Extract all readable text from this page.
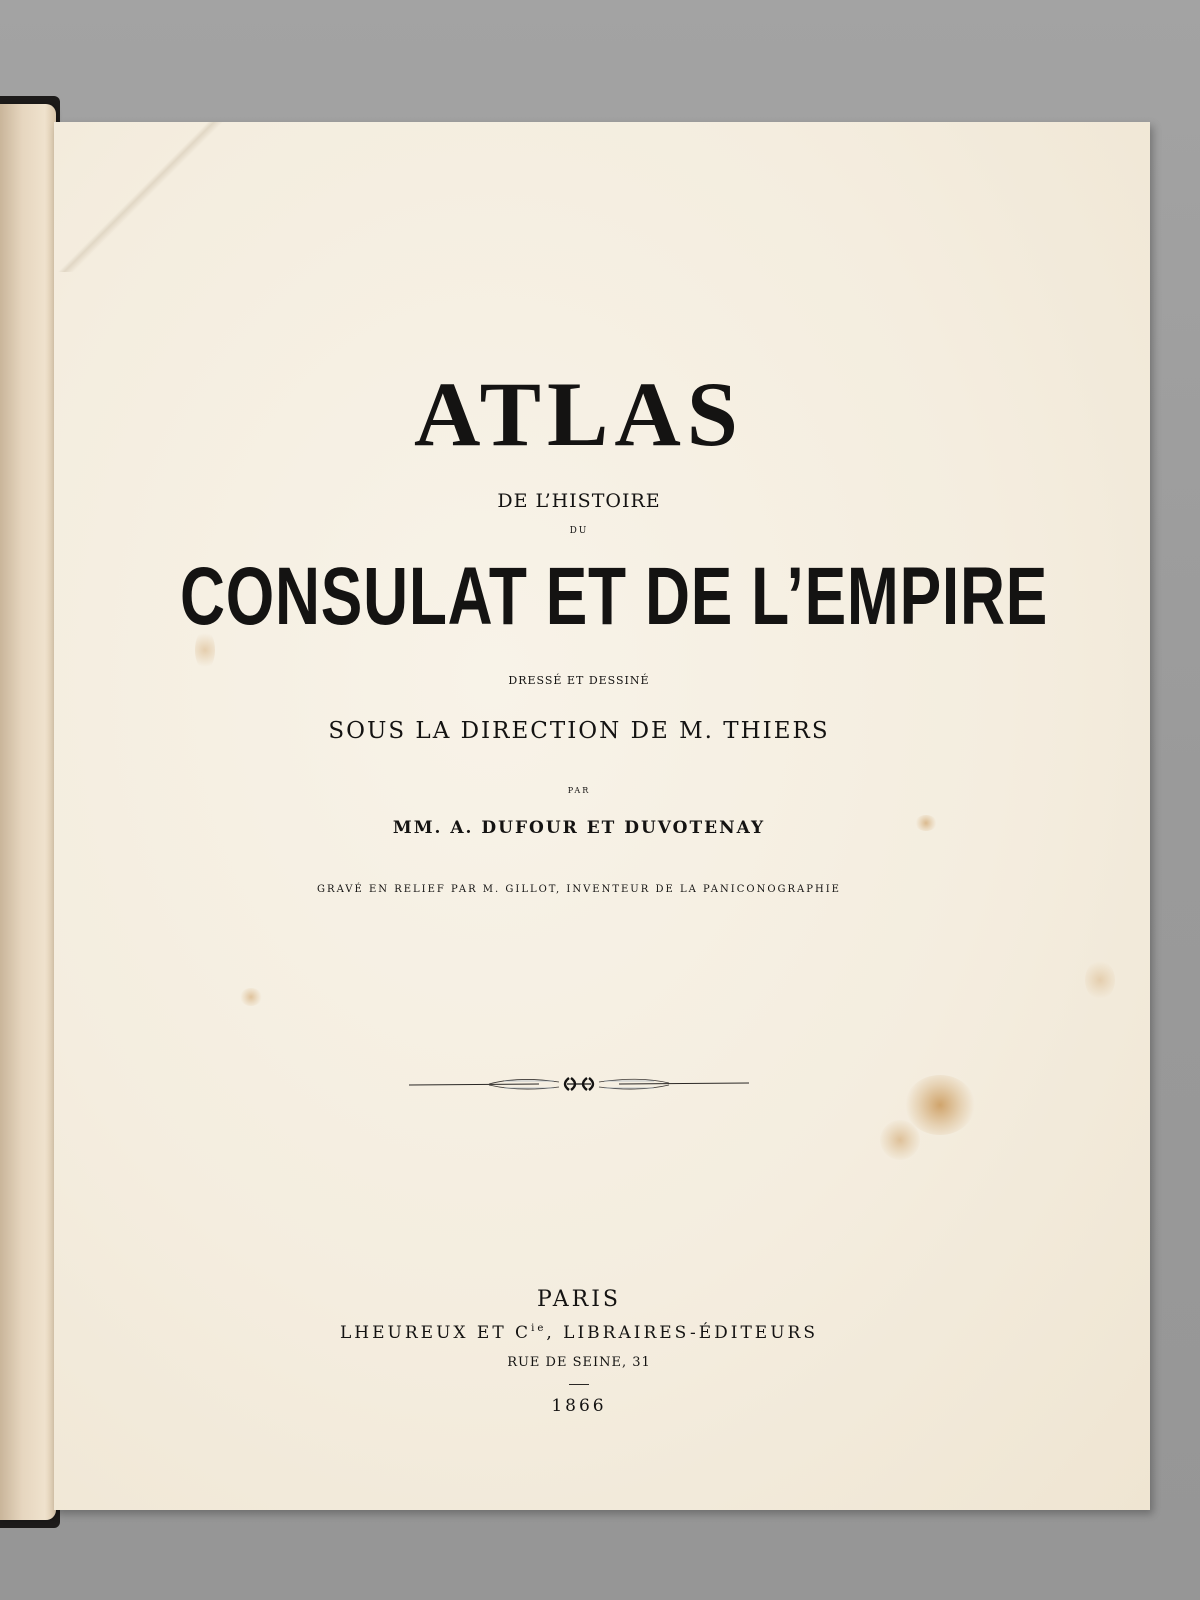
ATLAS
DE L’HISTOIRE
DU
CONSULAT ET DE L’EMPIRE
DRESSÉ ET DESSINÉ
SOUS LA DIRECTION DE M. THIERS
PAR
MM. A. DUFOUR ET DUVOTENAY
GRAVÉ EN RELIEF PAR M. GILLOT, INVENTEUR DE LA PANICONOGRAPHIE
PARIS
LHEUREUX ET $C^{ie}$, LIBRAIRES-ÉDITEURS
RUE DE SEINE, 31
1866
